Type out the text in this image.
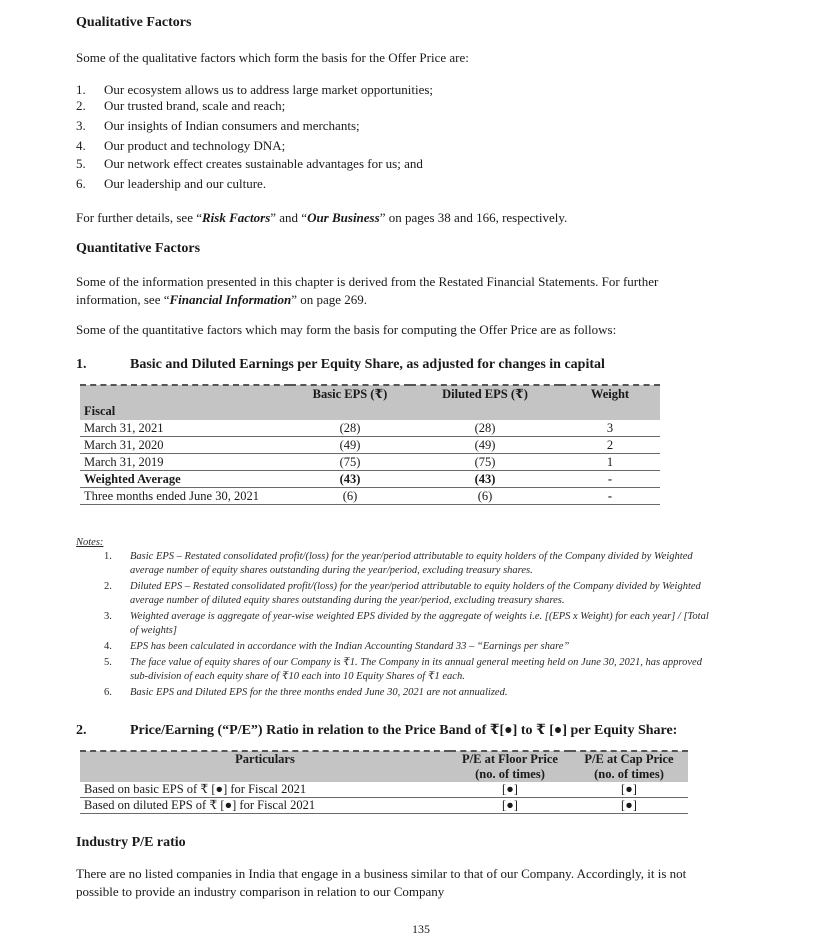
Qualitative Factors
Some of the qualitative factors which form the basis for the Offer Price are:
1. Our ecosystem allows us to address large market opportunities;
2. Our trusted brand, scale and reach;
3. Our insights of Indian consumers and merchants;
4. Our product and technology DNA;
5. Our network effect creates sustainable advantages for us; and
6. Our leadership and our culture.
For further details, see “Risk Factors” and “Our Business” on pages 38 and 166, respectively.
Quantitative Factors
Some of the information presented in this chapter is derived from the Restated Financial Statements. For further
information, see “Financial Information” on page 269.
Some of the quantitative factors which may form the basis for computing the Offer Price are as follows:
1.	Basic and Diluted Earnings per Equity Share, as adjusted for changes in capital
	Basic EPS (₹)	Diluted EPS (₹)	Weight
Fiscal			
March 31, 2021	(28)	(28)	3
March 31, 2020	(49)	(49)	2
March 31, 2019	(75)	(75)	1
Weighted Average	(43)	(43)	-
Three months ended June 30, 2021	(6)	(6)	-
Notes:
1. Basic EPS – Restated consolidated profit/(loss) for the year/period attributable to equity holders of the Company divided by Weighted
average number of equity shares outstanding during the year/period, excluding treasury shares.
2. Diluted EPS – Restated consolidated profit/(loss) for the year/period attributable to equity holders of the Company divided by Weighted
average number of diluted equity shares outstanding during the year/period, excluding treasury shares.
3. Weighted average is aggregate of year-wise weighted EPS divided by the aggregate of weights i.e. [(EPS x Weight) for each year] / [Total
of weights]
4. EPS has been calculated in accordance with the Indian Accounting Standard 33 – “Earnings per share”
5. The face value of equity shares of our Company is ₹1. The Company in its annual general meeting held on June 30, 2021, has approved
sub-division of each equity share of ₹10 each into 10 Equity Shares of ₹1 each.
6. Basic EPS and Diluted EPS for the three months ended June 30, 2021 are not annualized.
2.	Price/Earning (“P/E”) Ratio in relation to the Price Band of ₹[●] to ₹ [●] per Equity Share:
Particulars	P/E at Floor Price	P/E at Cap Price
	(no. of times)	(no. of times)
Based on basic EPS of ₹ [●] for Fiscal 2021	[●]	[●]
Based on diluted EPS of ₹ [●] for Fiscal 2021	[●]	[●]
Industry P/E ratio
There are no listed companies in India that engage in a business similar to that of our Company. Accordingly, it is not
possible to provide an industry comparison in relation to our Company
135
